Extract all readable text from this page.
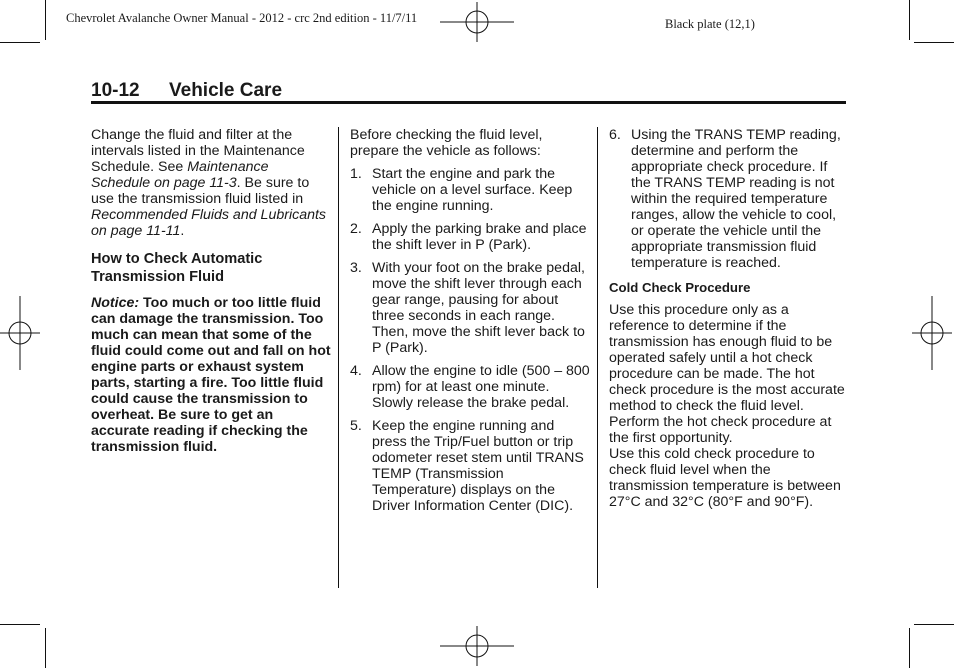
Chevrolet Avalanche Owner Manual - 2012 - crc 2nd edition - 11/7/11	Black plate (12,1)
10-12 Vehicle Care

Change the fluid and filter at the intervals listed in the Maintenance Schedule. See Maintenance Schedule on page 11-3. Be sure to use the transmission fluid listed in Recommended Fluids and Lubricants on page 11-11.

How to Check Automatic Transmission Fluid

Notice: Too much or too little fluid can damage the transmission. Too much can mean that some of the fluid could come out and fall on hot engine parts or exhaust system parts, starting a fire. Too little fluid could cause the transmission to overheat. Be sure to get an accurate reading if checking the transmission fluid.

Before checking the fluid level, prepare the vehicle as follows:

1. Start the engine and park the vehicle on a level surface. Keep the engine running.
2. Apply the parking brake and place the shift lever in P (Park).
3. With your foot on the brake pedal, move the shift lever through each gear range, pausing for about three seconds in each range. Then, move the shift lever back to P (Park).
4. Allow the engine to idle (500 – 800 rpm) for at least one minute. Slowly release the brake pedal.
5. Keep the engine running and press the Trip/Fuel button or trip odometer reset stem until TRANS TEMP (Transmission Temperature) displays on the Driver Information Center (DIC).
6. Using the TRANS TEMP reading, determine and perform the appropriate check procedure. If the TRANS TEMP reading is not within the required temperature ranges, allow the vehicle to cool, or operate the vehicle until the appropriate transmission fluid temperature is reached.

Cold Check Procedure

Use this procedure only as a reference to determine if the transmission has enough fluid to be operated safely until a hot check procedure can be made. The hot check procedure is the most accurate method to check the fluid level. Perform the hot check procedure at the first opportunity.

Use this cold check procedure to check fluid level when the transmission temperature is between 27°C and 32°C (80°F and 90°F).
